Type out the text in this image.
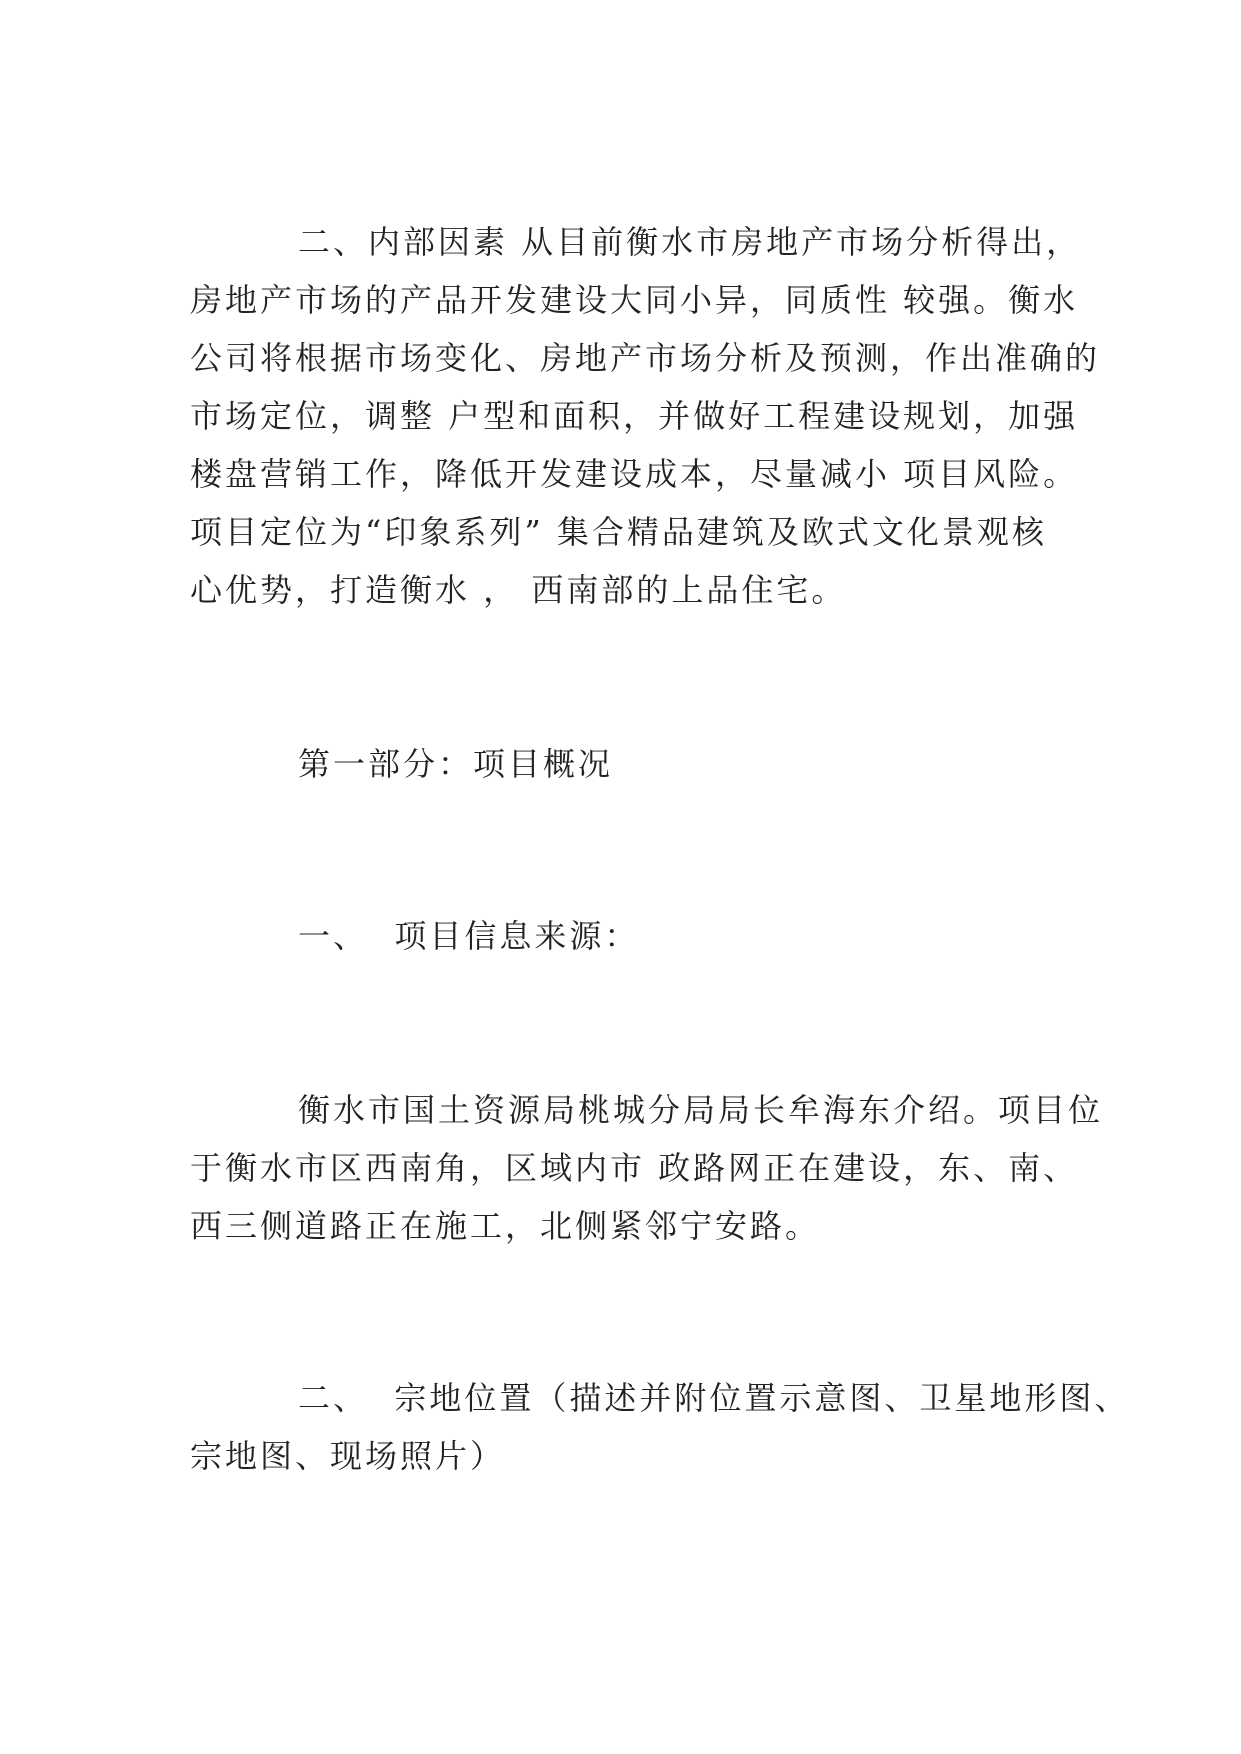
二、内部因素 从目前衡水市房地产市场分析得出，
房地产市场的产品开发建设大同小异，同质性 较强。衡水
公司将根据市场变化、房地产市场分析及预测，作出准确的
市场定位，调整 户型和面积，并做好工程建设规划，加强
楼盘营销工作，降低开发建设成本，尽量减小 项目风险。
项目定位为“印象系列” 集合精品建筑及欧式文化景观核
心优势，打造衡水 ， 西南部的上品住宅。
第一部分：项目概况
一、  项目信息来源：
衡水市国土资源局桃城分局局长牟海东介绍。项目位
于衡水市区西南角，区域内市 政路网正在建设，东、南、
西三侧道路正在施工，北侧紧邻宁安路。
二、  宗地位置（描述并附位置示意图、卫星地形图、
宗地图、现场照片）
